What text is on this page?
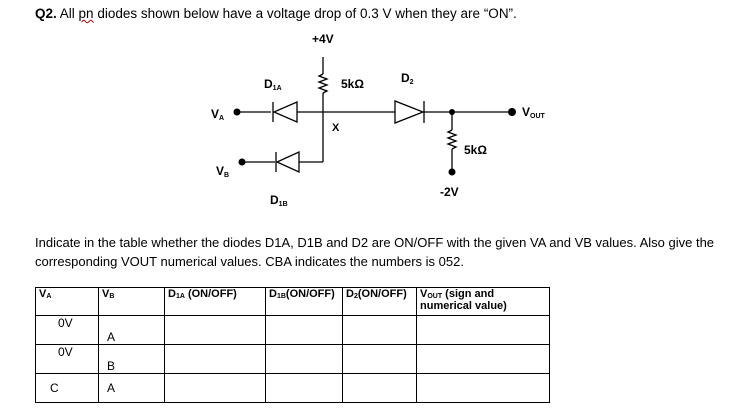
Q2. All pn diodes shown below have a voltage drop of 0.3 V when they are “ON”.
+4V
5kΩ
X
5kΩ
-2V
D1A
D1B
D2
VA
VB
VOUT
Indicate in the table whether the diodes D1A, D1B and D2 are ON/OFF with the given VA and VB values. Also give the corresponding VOUT numerical values. CBA indicates the numbers is 052.
VA	VB	D1A (ON/OFF)	D1B(ON/OFF)	D2(ON/OFF)	VOUT (sign and numerical value)
0V	A				
0V	B				
C	A				
